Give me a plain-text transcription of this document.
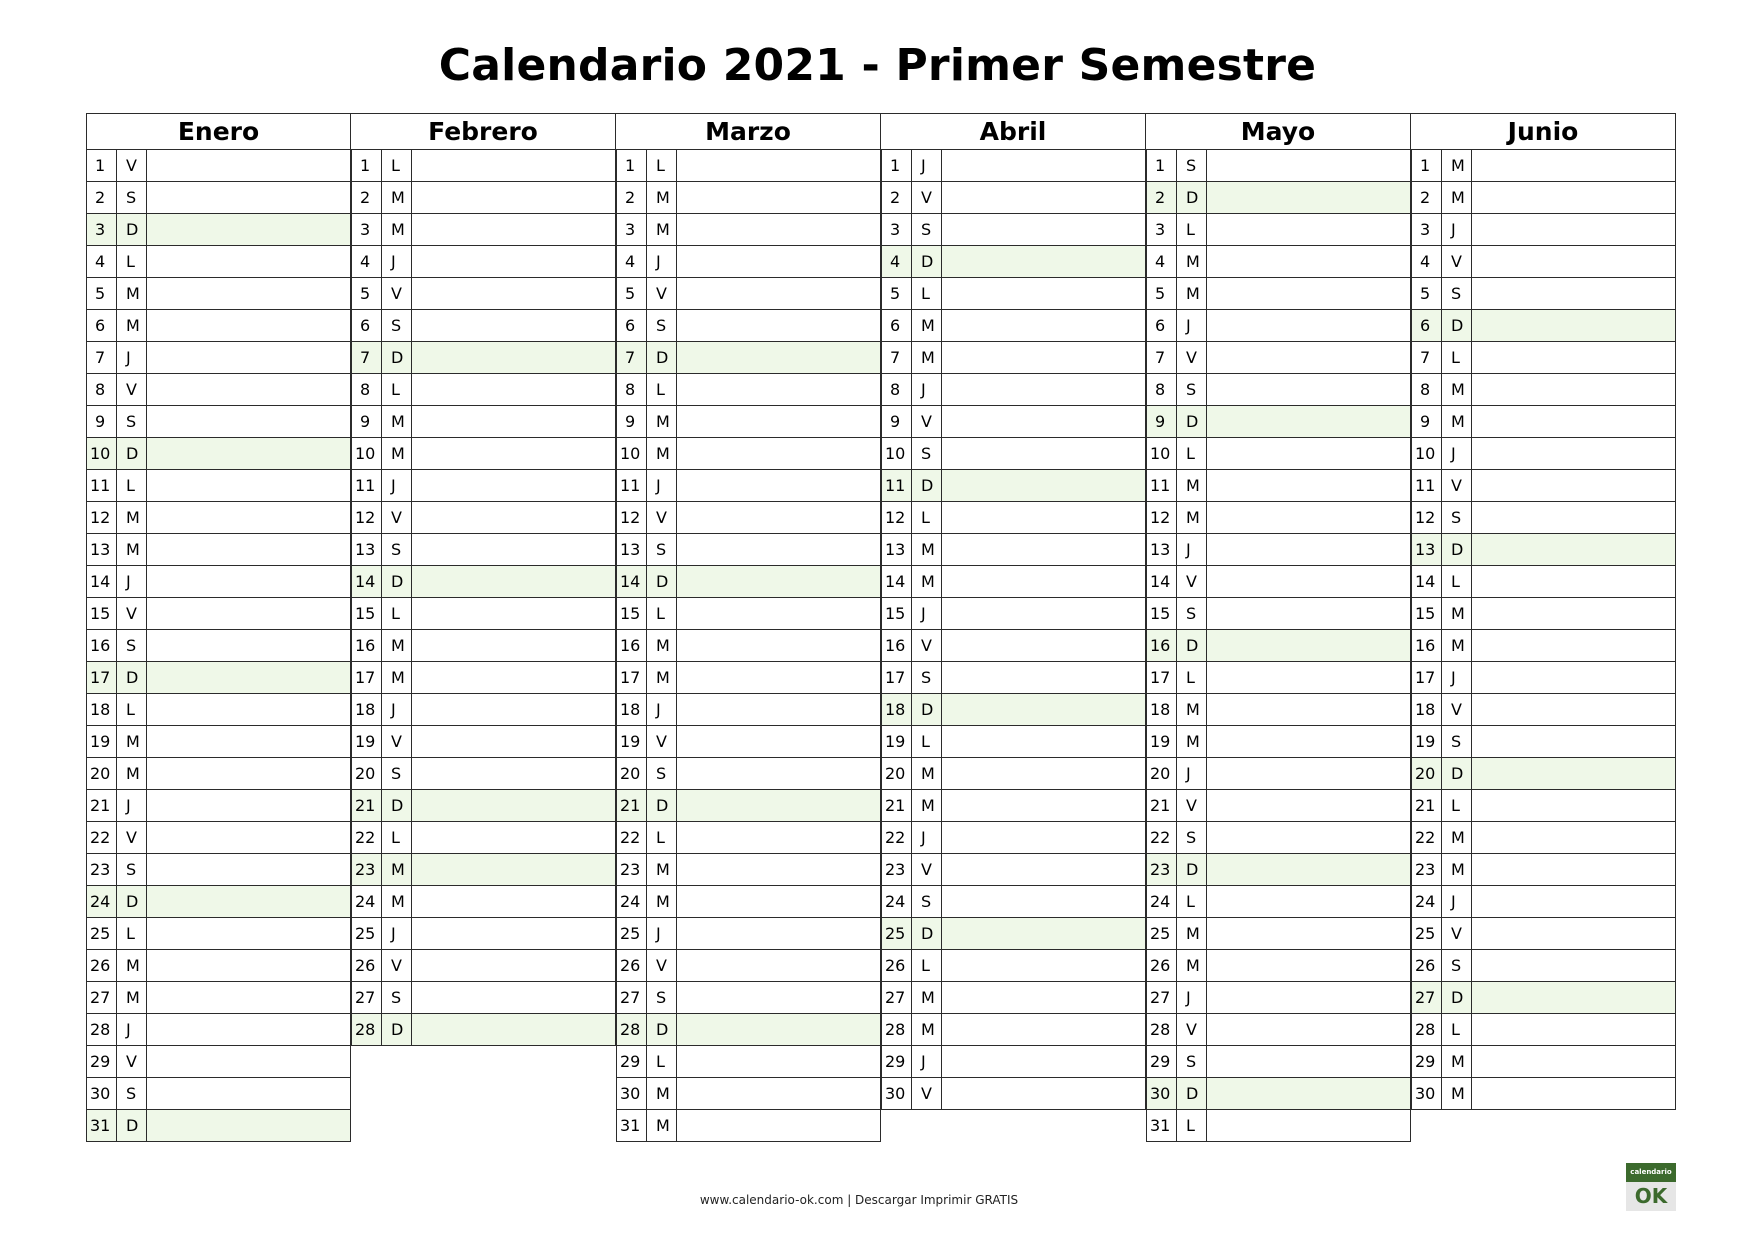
Calendario 2021 - Primer Semestre
Enero
1	V
2	S
3	D
4	L
5	M
6	M
7	J
8	V
9	S
10 D
11 L
12 M
13 M
14 J
15 V
16 S
17 D
18 L
19 M
20 M
21 J
22 V
23 S
24 D
25 L
26 M
27 M
28 J
29 V
30 S
31 D
Febrero
1	L
2	M
3	M
4	J
5	V
6	S
7	D
8	L
9	M
10 M
11 J
12 V
13 S
14 D
15 L
16 M
17 M
18 J
19 V
20 S
21 D
22 L
23 M
24 M
25 J
26 V
27 S
28 D
Marzo
1	L
2	M
3	M
4	J
5	V
6	S
7	D
8	L
9	M
10 M
11 J
12 V
13 S
14 D
15 L
16 M
17 M
18 J
19 V
20 S
21 D
22 L
23 M
24 M
25 J
26 V
27 S
28 D
29 L
30 M
31 M
Abril
1	J
2	V
3	S
4	D
5	L
6	M
7	M
8	J
9	V
10 S
11 D
12 L
13 M
14 M
15 J
16 V
17 S
18 D
19 L
20 M
21 M
22 J
23 V
24 S
25 D
26 L
27 M
28 M
29 J
30 V
Mayo
1	S
2	D
3	L
4	M
5	M
6	J
7	V
8	S
9	D
10 L
11 M
12 M
13 J
14 V
15 S
16 D
17 L
18 M
19 M
20 J
21 V
22 S
23 D
24 L
25 M
26 M
27 J
28 V
29 S
30 D
31 L
Junio
1	M
2	M
3	J
4	V
5	S
6	D
7	L
8	M
9	M
10 J
11 V
12 S
13 D
14 L
15 M
16 M
17 J
18 V
19 S
20 D
21 L
22 M
23 M
24 J
25 V
26 S
27 D
28 L
29 M
30 M
www.calendario-ok.com | Descargar Imprimir GRATIS
calendario
OK
